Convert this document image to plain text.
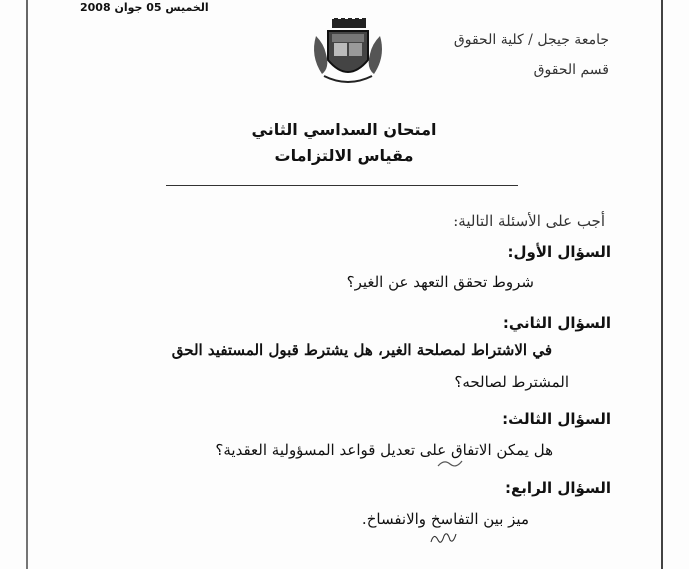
الخميس 05 جوان 2008
جامعة جيجل / كلية الحقوق
قسم الحقوق
امتحان السداسي الثاني
مقياس الالتزامات
أجب على الأسئلة التالية:
السؤال الأول:
شروط تحقق التعهد عن الغير؟
السؤال الثاني:
في الاشتراط لمصلحة الغير، هل يشترط قبول المستفيد الحق
المشترط لصالحه؟
السؤال الثالث:
هل يمكن الاتفاق على تعديل قواعد المسؤولية العقدية؟
السؤال الرابع:
ميز بين التفاسخ والانفساخ.
